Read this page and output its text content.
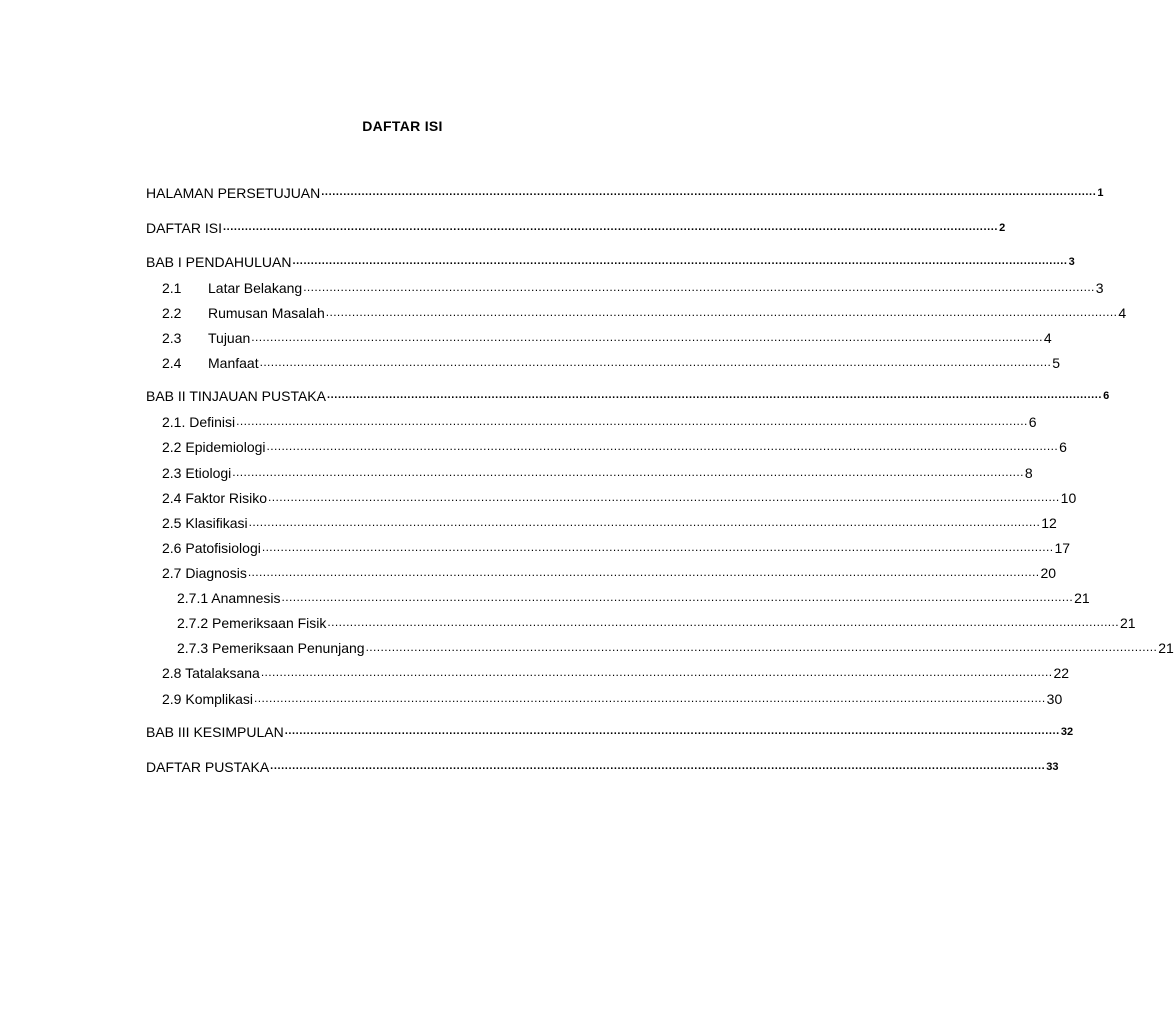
DAFTAR ISI
HALAMAN PERSETUJUAN .................................................................................................................................................................................................................... 1
DAFTAR ISI .................................................................................................................................................................................................................... 2
BAB I PENDAHULUAN .................................................................................................................................................................................................................... 3
2.1	Latar Belakang .................................................................................................................................................................................................................... 3
2.2	Rumusan Masalah .................................................................................................................................................................................................................... 4
2.3	Tujuan .................................................................................................................................................................................................................... 4
2.4	Manfaat .................................................................................................................................................................................................................... 5
BAB II TINJAUAN PUSTAKA .................................................................................................................................................................................................................... 6
2.1. Definisi .................................................................................................................................................................................................................... 6
2.2 Epidemiologi .................................................................................................................................................................................................................... 6
2.3 Etiologi .................................................................................................................................................................................................................... 8
2.4 Faktor Risiko .................................................................................................................................................................................................................... 10
2.5 Klasifikasi .................................................................................................................................................................................................................... 12
2.6 Patofisiologi .................................................................................................................................................................................................................... 17
2.7 Diagnosis .................................................................................................................................................................................................................... 20
2.7.1 Anamnesis .................................................................................................................................................................................................................... 21
2.7.2 Pemeriksaan Fisik .................................................................................................................................................................................................................... 21
2.7.3 Pemeriksaan Penunjang .................................................................................................................................................................................................................... 21
2.8 Tatalaksana .................................................................................................................................................................................................................... 22
2.9 Komplikasi .................................................................................................................................................................................................................... 30
BAB III KESIMPULAN .................................................................................................................................................................................................................... 32
DAFTAR PUSTAKA .................................................................................................................................................................................................................... 33
